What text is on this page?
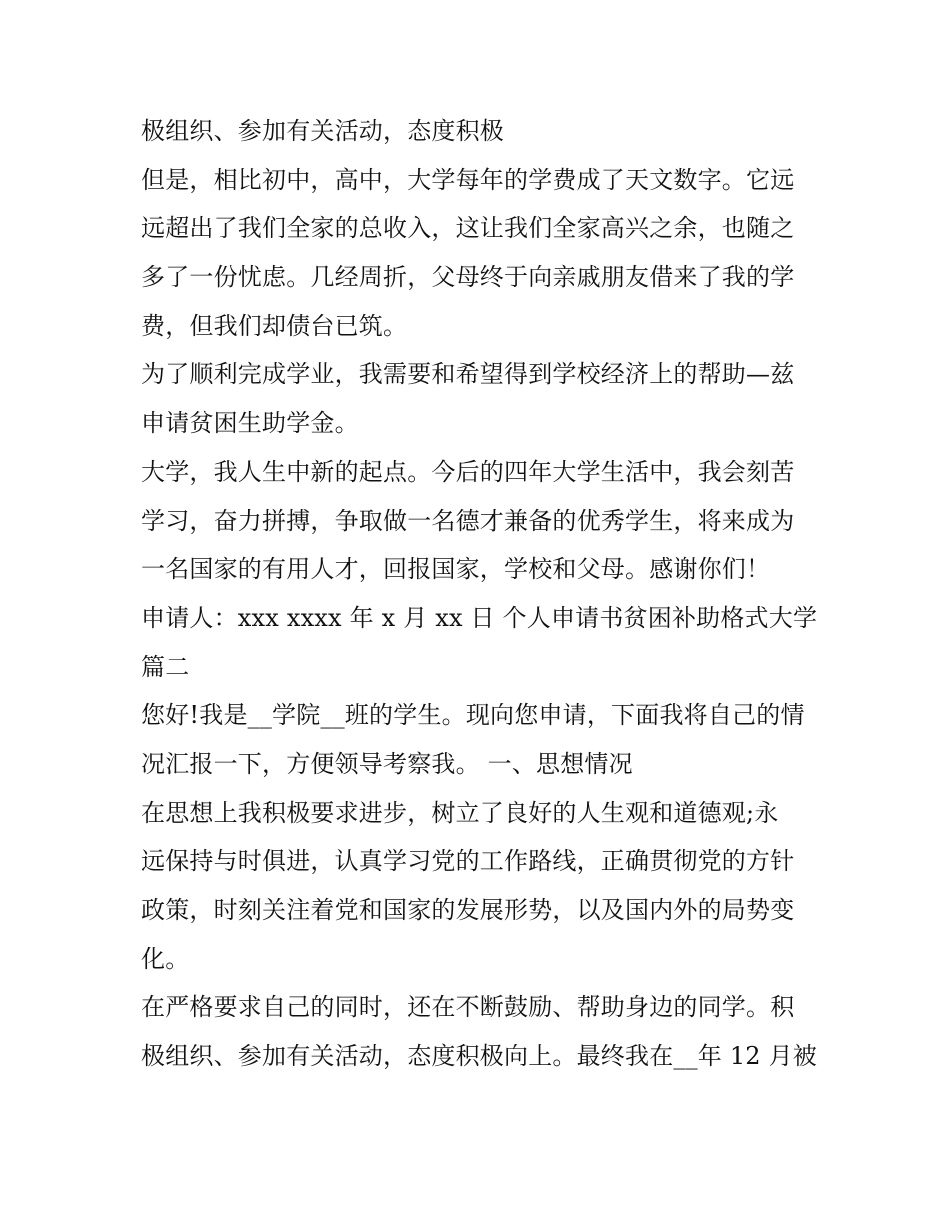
极组织、参加有关活动，态度积极
但是，相比初中，高中，大学每年的学费成了天文数字。它远
远超出了我们全家的总收入，这让我们全家高兴之余，也随之
多了一份忧虑。几经周折，父母终于向亲戚朋友借来了我的学
费，但我们却债台已筑。
为了顺利完成学业，我需要和希望得到学校经济上的帮助—兹
申请贫困生助学金。
大学，我人生中新的起点。今后的四年大学生活中，我会刻苦
学习，奋力拼搏，争取做一名德才兼备的优秀学生，将来成为
一名国家的有用人才，回报国家，学校和父母。感谢你们！
申请人：xxx xxxx 年 x 月 xx 日 个人申请书贫困补助格式大学
篇二
您好!我是__学院__班的学生。现向您申请，下面我将自己的情
况汇报一下，方便领导考察我。 一、思想情况
在思想上我积极要求进步，树立了良好的人生观和道德观;永
远保持与时俱进，认真学习党的工作路线，正确贯彻党的方针
政策，时刻关注着党和国家的发展形势，以及国内外的局势变
化。
在严格要求自己的同时，还在不断鼓励、帮助身边的同学。积
极组织、参加有关活动，态度积极向上。最终我在__年 12 月被
